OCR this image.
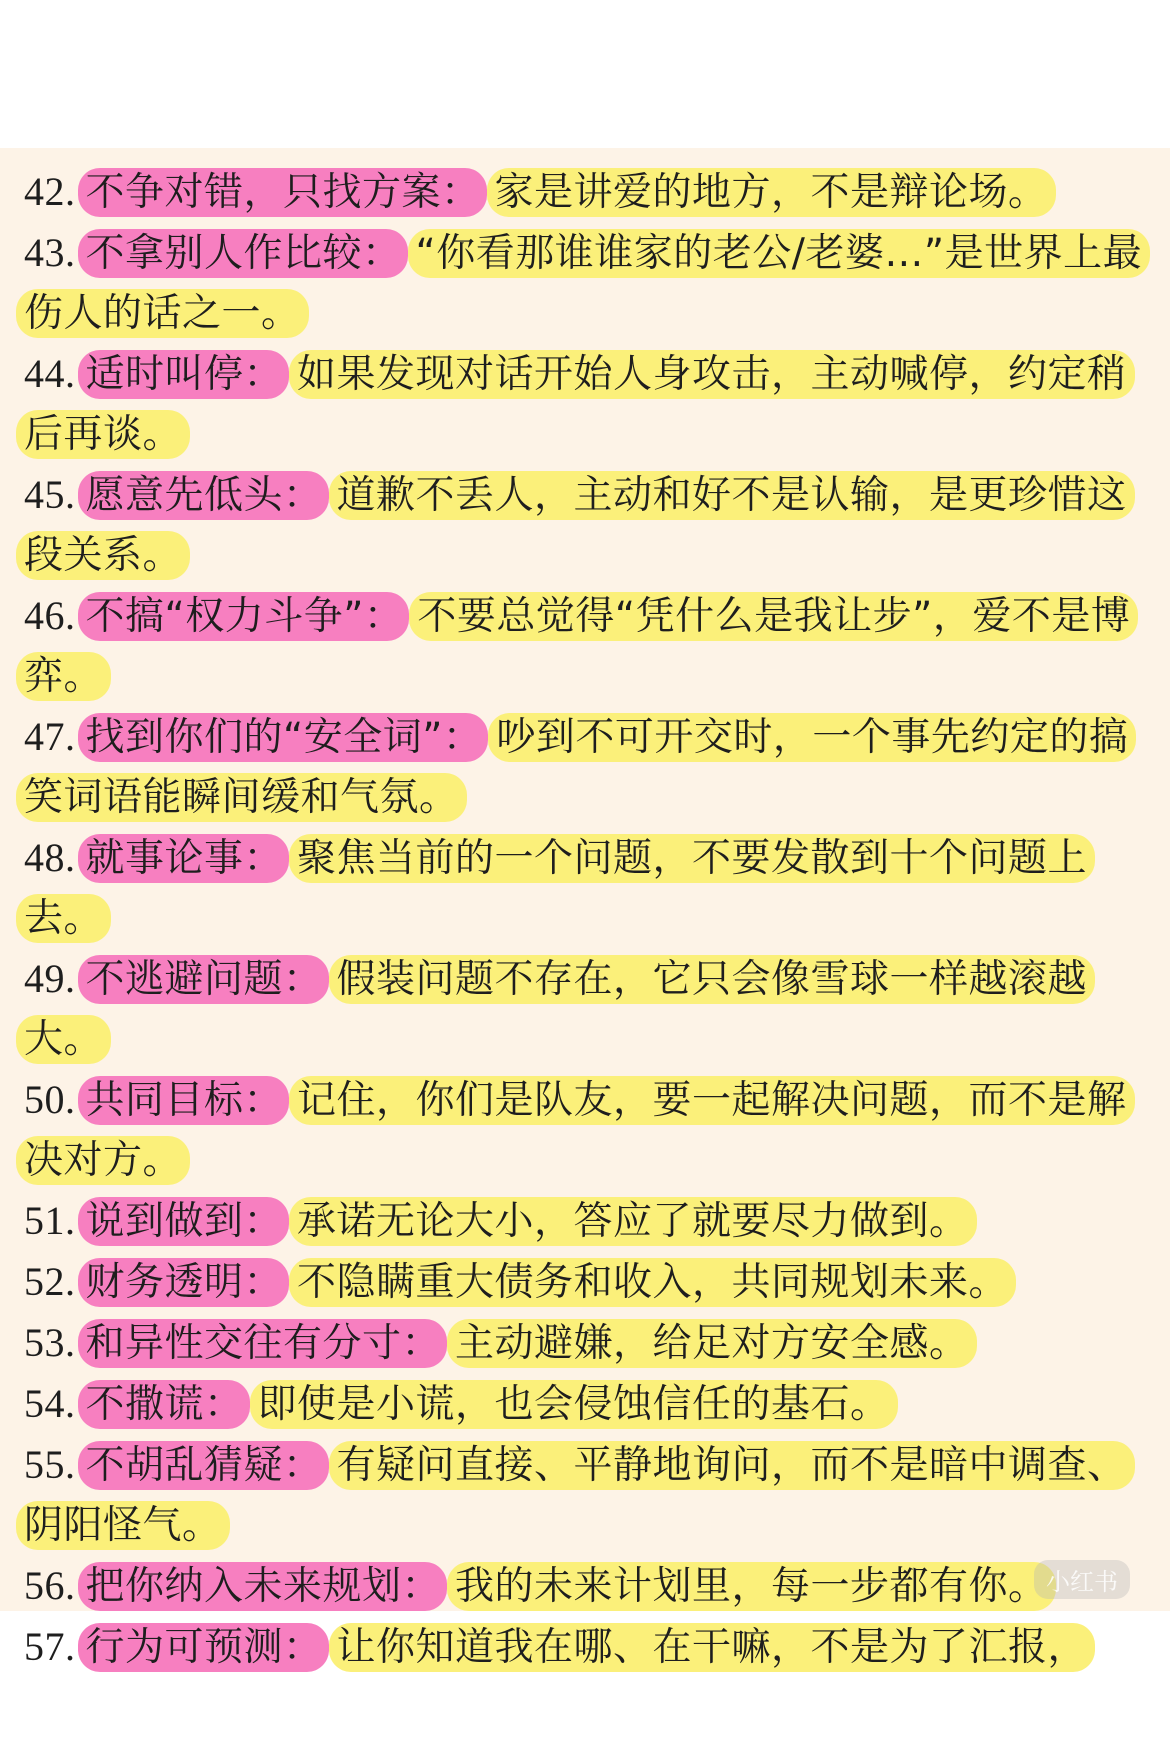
42. 不争对错，只找方案： 家是讲爱的地方，不是辩论场。

43. 不拿别人作比较： “你看那谁谁家的老公/老婆…”是世界上最伤人的话之一。

44. 适时叫停： 如果发现对话开始人身攻击，主动喊停，约定稍后再谈。

45. 愿意先低头： 道歉不丢人，主动和好不是认输，是更珍惜这段关系。

46. 不搞“权力斗争”： 不要总觉得“凭什么是我让步”，爱不是博弈。

47. 找到你们的“安全词”： 吵到不可开交时，一个事先约定的搞笑词语能瞬间缓和气氛。

48. 就事论事： 聚焦当前的一个问题，不要发散到十个问题上去。

49. 不逃避问题： 假装问题不存在，它只会像雪球一样越滚越大。

50. 共同目标： 记住，你们是队友，要一起解决问题，而不是解决对方。

51. 说到做到： 承诺无论大小，答应了就要尽力做到。

52. 财务透明： 不隐瞒重大债务和收入，共同规划未来。

53. 和异性交往有分寸： 主动避嫌，给足对方安全感。

54. 不撒谎： 即使是小谎，也会侵蚀信任的基石。

55. 不胡乱猜疑： 有疑问直接、平静地询问，而不是暗中调查、阴阳怪气。

56. 把你纳入未来规划： 我的未来计划里，每一步都有你。

57. 行为可预测： 让你知道我在哪、在干嘛，不是为了汇报，

小红书
